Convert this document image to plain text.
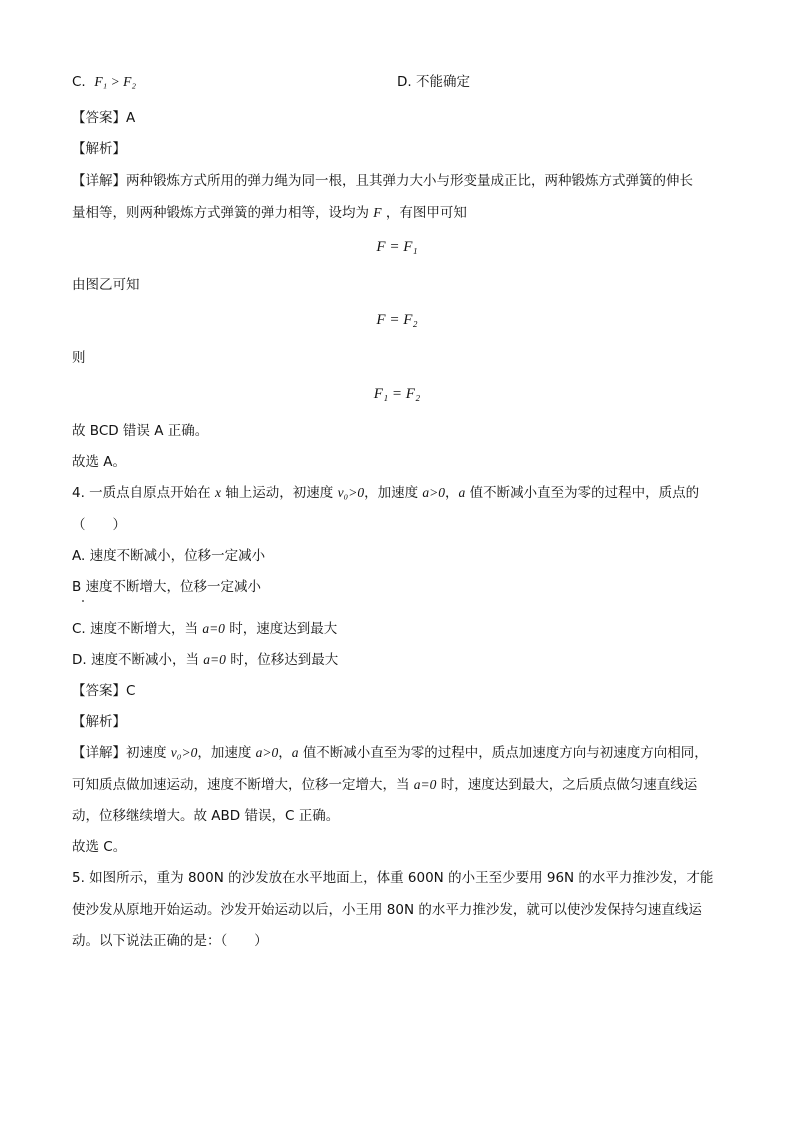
C. F₁ > F₂	D. 不能确定
【答案】A
【解析】
【详解】两种锻炼方式所用的弹力绳为同一根，且其弹力大小与形变量成正比，两种锻炼方式弹簧的伸长
量相等，则两种锻炼方式弹簧的弹力相等，设均为 F ，有图甲可知
F = F₁
由图乙可知
F = F₂
则
F₁ = F₂
故 BCD 错误 A 正确。
故选 A。
4. 一质点自原点开始在 x 轴上运动，初速度 v₀>0，加速度 a>0，a 值不断减小直至为零的过程中，质点的
（　　）
A. 速度不断减小，位移一定减小
B 速度不断增大，位移一定减小
C. 速度不断增大，当 a=0 时，速度达到最大
D. 速度不断减小，当 a=0 时，位移达到最大
【答案】C
【解析】
【详解】初速度 v₀>0，加速度 a>0，a 值不断减小直至为零的过程中，质点加速度方向与初速度方向相同，
可知质点做加速运动，速度不断增大，位移一定增大，当 a=0 时，速度达到最大，之后质点做匀速直线运
动，位移继续增大。故 ABD 错误，C 正确。
故选 C。
5. 如图所示，重为 800N 的沙发放在水平地面上，体重 600N 的小王至少要用 96N 的水平力推沙发，才能
使沙发从原地开始运动。沙发开始运动以后，小王用 80N 的水平力推沙发，就可以使沙发保持匀速直线运
动。以下说法正确的是：（　　）
